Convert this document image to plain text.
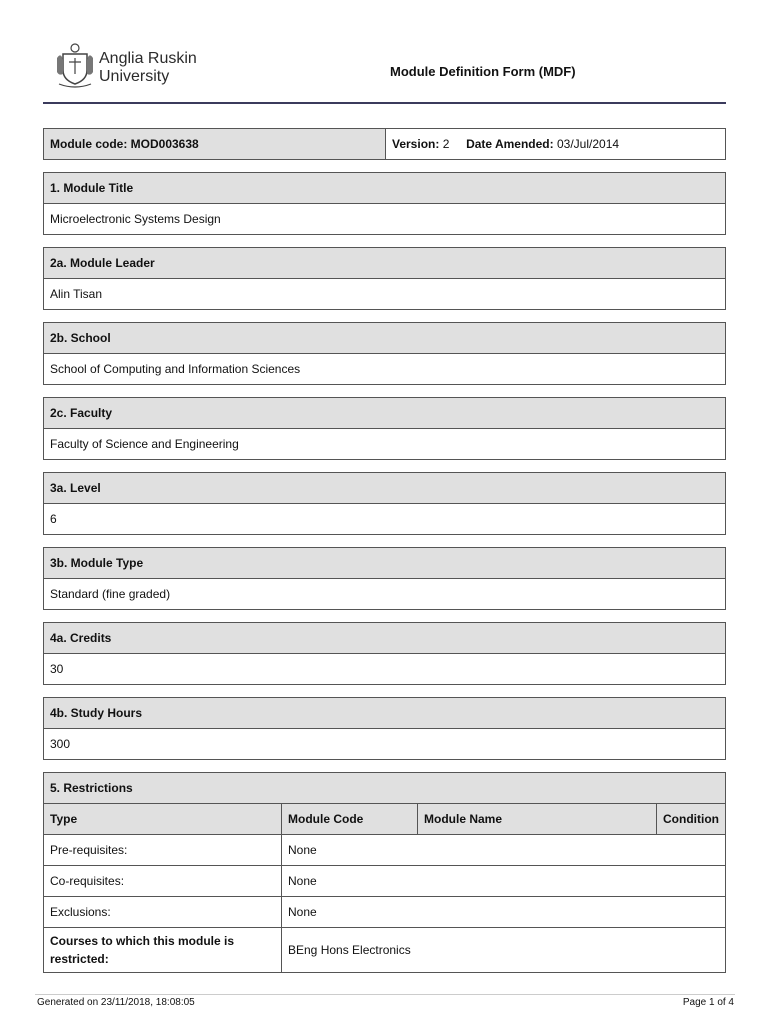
Anglia Ruskin
University	Module Definition Form (MDF)
Module code: MOD003638	Version: 2 Date Amended: 03/Jul/2014
1. Module Title
Microelectronic Systems Design
2a. Module Leader
Alin Tisan
2b. School
School of Computing and Information Sciences
2c. Faculty
Faculty of Science and Engineering
3a. Level
6
3b. Module Type
Standard (fine graded)
4a. Credits
30
4b. Study Hours
300
5. Restrictions
Type	Module Code	Module Name	Condition
Pre-requisites:	None		
Co-requisites:	None		
Exclusions:	None		
Courses to which this module is restricted:	BEng Hons Electronics		
Generated on 23/11/2018, 18:08:05	Page 1 of 4
